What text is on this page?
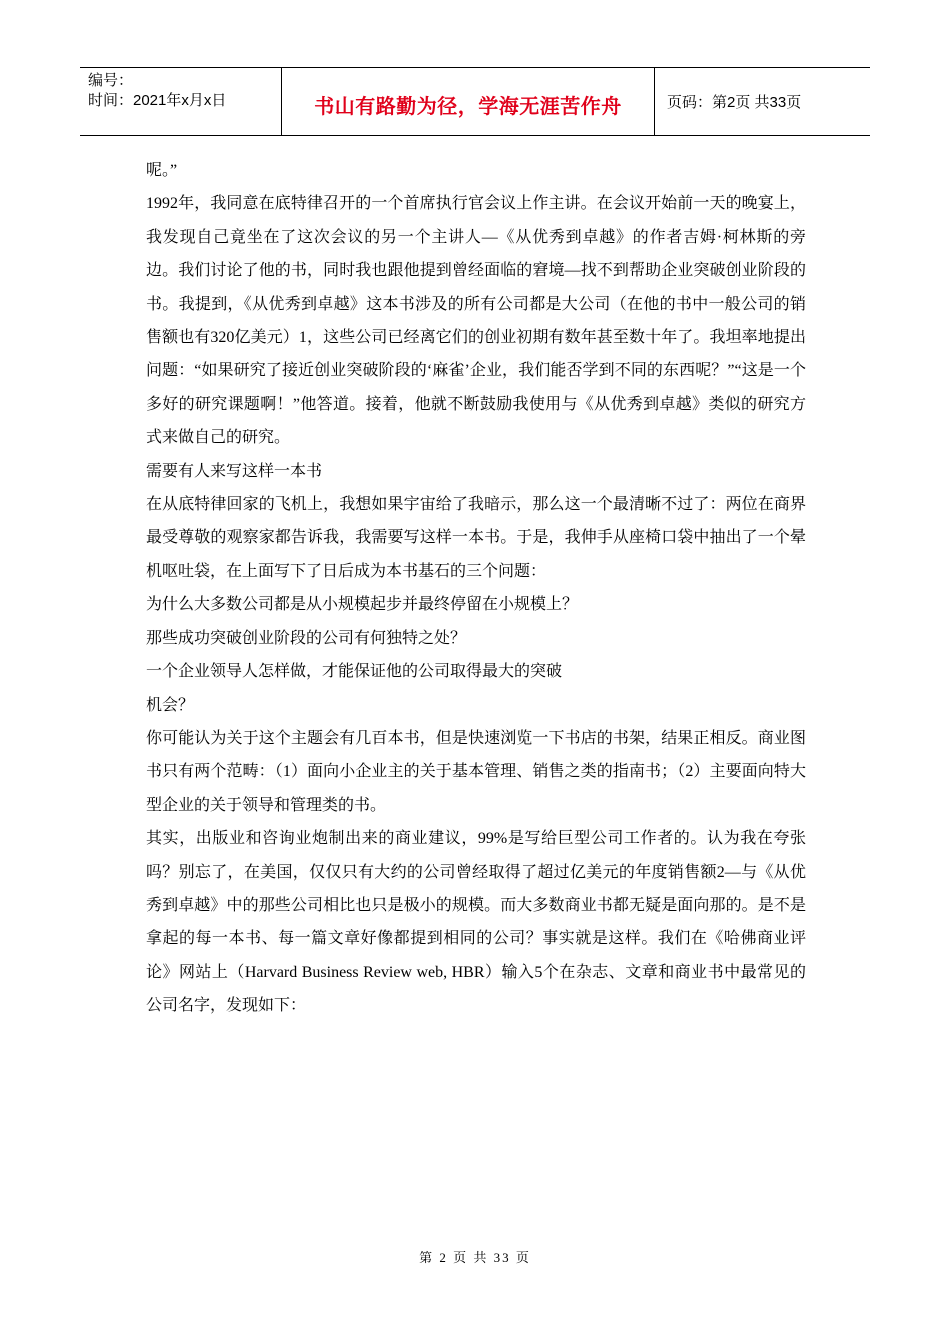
编号：
时间：2021年x月x日	书山有路勤为径，学海无涯苦作舟	页码：第2页 共33页

呢。”

1992年，我同意在底特律召开的一个首席执行官会议上作主讲。在会议开始前一天的晚宴上，我发现自己竟坐在了这次会议的另一个主讲人—《从优秀到卓越》的作者吉姆·柯林斯的旁边。我们讨论了他的书，同时我也跟他提到曾经面临的窘境—找不到帮助企业突破创业阶段的书。我提到，《从优秀到卓越》这本书涉及的所有公司都是大公司（在他的书中一般公司的销售额也有320亿美元）1，这些公司已经离它们的创业初期有数年甚至数十年了。我坦率地提出问题：“如果研究了接近创业突破阶段的‘麻雀’企业，我们能否学到不同的东西呢？”“这是一个多好的研究课题啊！”他答道。接着，他就不断鼓励我使用与《从优秀到卓越》类似的研究方式来做自己的研究。

需要有人来写这样一本书

在从底特律回家的飞机上，我想如果宇宙给了我暗示，那么这一个最清晰不过了：两位在商界最受尊敬的观察家都告诉我，我需要写这样一本书。于是，我伸手从座椅口袋中抽出了一个晕机呕吐袋，在上面写下了日后成为本书基石的三个问题：

为什么大多数公司都是从小规模起步并最终停留在小规模上？

那些成功突破创业阶段的公司有何独特之处？

一个企业领导人怎样做，才能保证他的公司取得最大的突破

机会？

你可能认为关于这个主题会有几百本书，但是快速浏览一下书店的书架，结果正相反。商业图书只有两个范畴：（1）面向小企业主的关于基本管理、销售之类的指南书；（2）主要面向特大型企业的关于领导和管理类的书。

其实，出版业和咨询业炮制出来的商业建议，99%是写给巨型公司工作者的。认为我在夸张吗？别忘了，在美国，仅仅只有大约的公司曾经取得了超过亿美元的年度销售额2—与《从优秀到卓越》中的那些公司相比也只是极小的规模。而大多数商业书都无疑是面向那的。是不是拿起的每一本书、每一篇文章好像都提到相同的公司？事实就是这样。我们在《哈佛商业评论》网站上（Harvard Business Review web, HBR）输入5个在杂志、文章和商业书中最常见的公司名字，发现如下：

第 2 页 共 33 页
